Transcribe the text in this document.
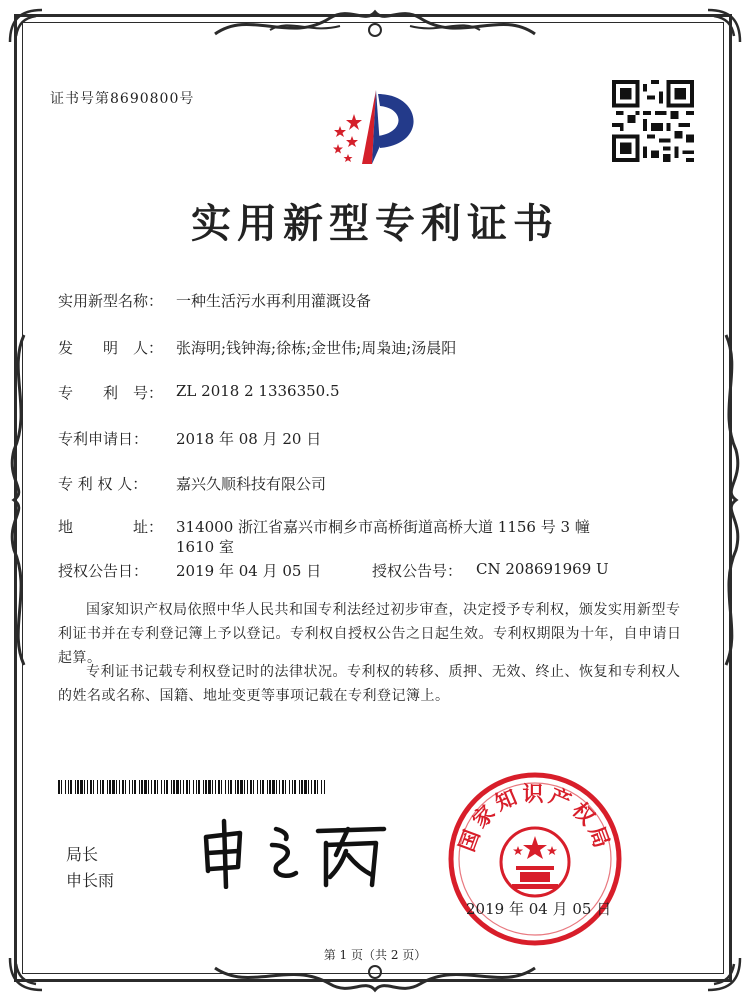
证书号第8690800号
实用新型专利证书
实用新型名称： 一种生活污水再利用灌溉设备
发　　明　人： 张海明;钱钟海;徐栋;金世伟;周枭迪;汤晨阳
专　　利　号： ZL 2018 2 1336350.5
专利申请日： 2018 年 08 月 20 日
专 利 权 人： 嘉兴久顺科技有限公司
地　　　　址： 314000 浙江省嘉兴市桐乡市高桥街道高桥大道 1156 号 3 幢
1610 室
授权公告日： 2019 年 04 月 05 日	授权公告号： CN 208691969 U
国家知识产权局依照中华人民共和国专利法经过初步审查，决定授予专利权，颁发实用新型专利证书并在专利登记簿上予以登记。专利权自授权公告之日起生效。专利权期限为十年，自申请日起算。
专利证书记载专利权登记时的法律状况。专利权的转移、质押、无效、终止、恢复和专利权人的姓名或名称、国籍、地址变更等事项记载在专利登记簿上。
局长
申长雨
国家知识产权局
2019 年 04 月 05 日
第 1 页（共 2 页）
